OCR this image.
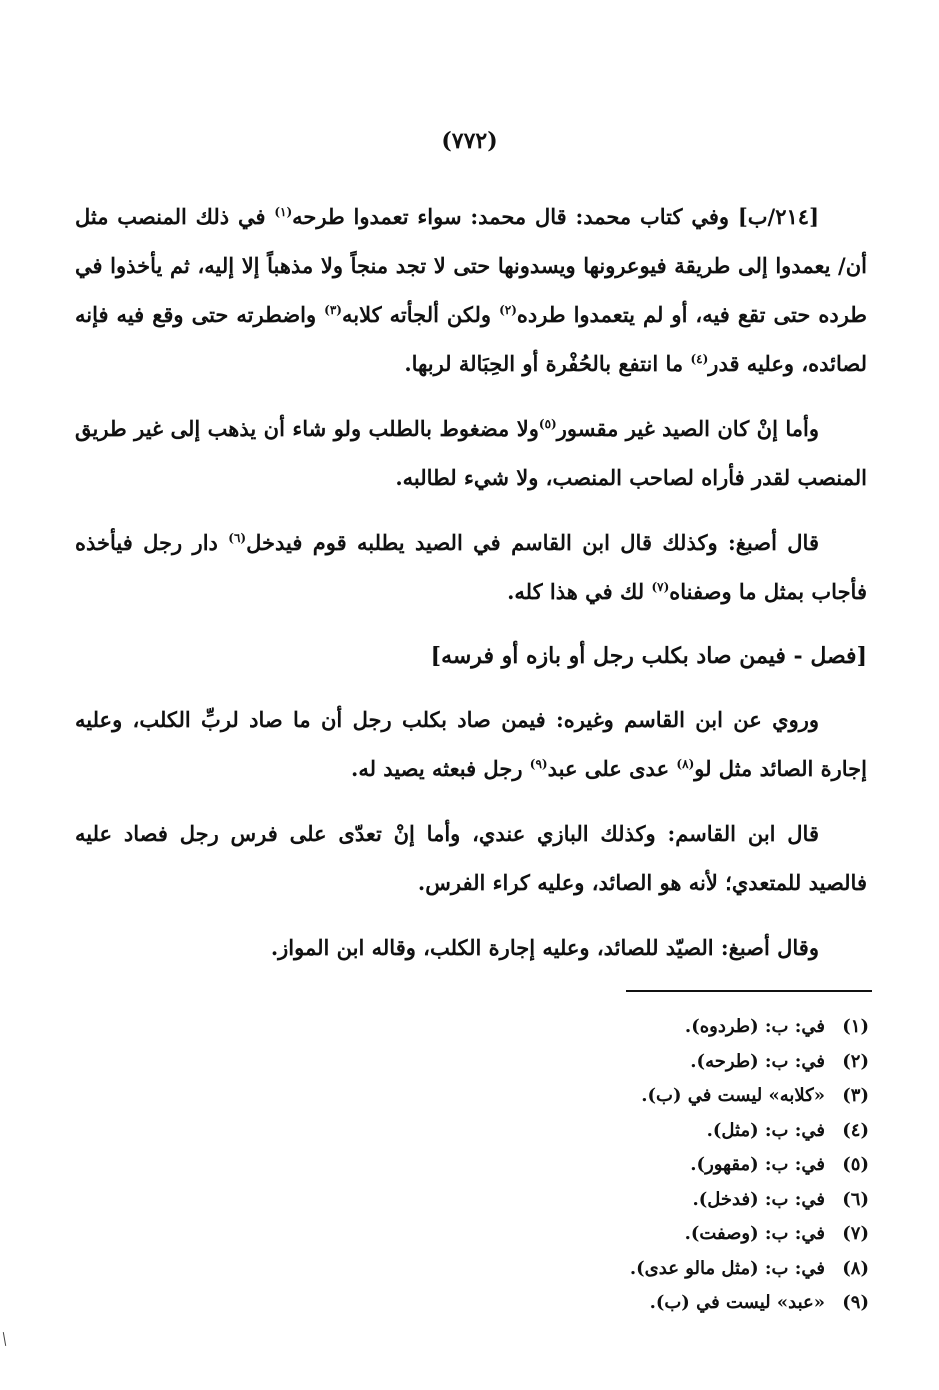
(٧٧٢)

[٢١٤/ب] وفي كتاب محمد: قال محمد: سواء تعمدوا طرحه$^{(١)}$ في ذلك المنصب مثل أن/ يعمدوا إلى طريقة فيوعرونها ويسدونها حتى لا تجد منجاً ولا مذهباً إلا إليه، ثم يأخذوا في طرده حتى تقع فيه، أو لم يتعمدوا طرده$^{(٢)}$ ولكن ألجأته كلابه$^{(٣)}$ واضطرته حتى وقع فيه فإنه لصائده، وعليه قدر$^{(٤)}$ ما انتفع بالحُفْرة أو الحِبَالة لربها.

وأما إنْ كان الصيد غير مقسور$^{(٥)}$ولا مضغوط بالطلب ولو شاء أن يذهب إلى غير طريق المنصب لقدر فأراه لصاحب المنصب، ولا شيء لطالبه.

قال أصبغ: وكذلك قال ابن القاسم في الصيد يطلبه قوم فيدخل$^{(٦)}$ دار رجل فيأخذه فأجاب بمثل ما وصفناه$^{(٧)}$ لك في هذا كله.

[فصل - فيمن صاد بكلب رجل أو بازه أو فرسه]

وروي عن ابن القاسم وغيره: فيمن صاد بكلب رجل أن ما صاد لربِّ الكلب، وعليه إجارة الصائد مثل لو$^{(٨)}$ عدى على عبد$^{(٩)}$ رجل فبعثه يصيد له.

قال ابن القاسم: وكذلك البازي عندي، وأما إنْ تعدّى على فرس رجل فصاد عليه فالصيد للمتعدي؛ لأنه هو الصائد، وعليه كراء الفرس.

وقال أصبغ: الصيّد للصائد، وعليه إجارة الكلب، وقاله ابن المواز.

(١)
في: ب: (طردوه).
(٢)
في: ب: (طرحه).
(٣)
«كلابه» ليست في (ب).
(٤)
في: ب: (مثل).
(٥)
في: ب: (مقهور).
(٦)
في: ب: (فدخل).
(٧)
في: ب: (وصفت).
(٨)
في: ب: (مثل مالو عدى).
(٩)
«عبد» ليست في (ب).
